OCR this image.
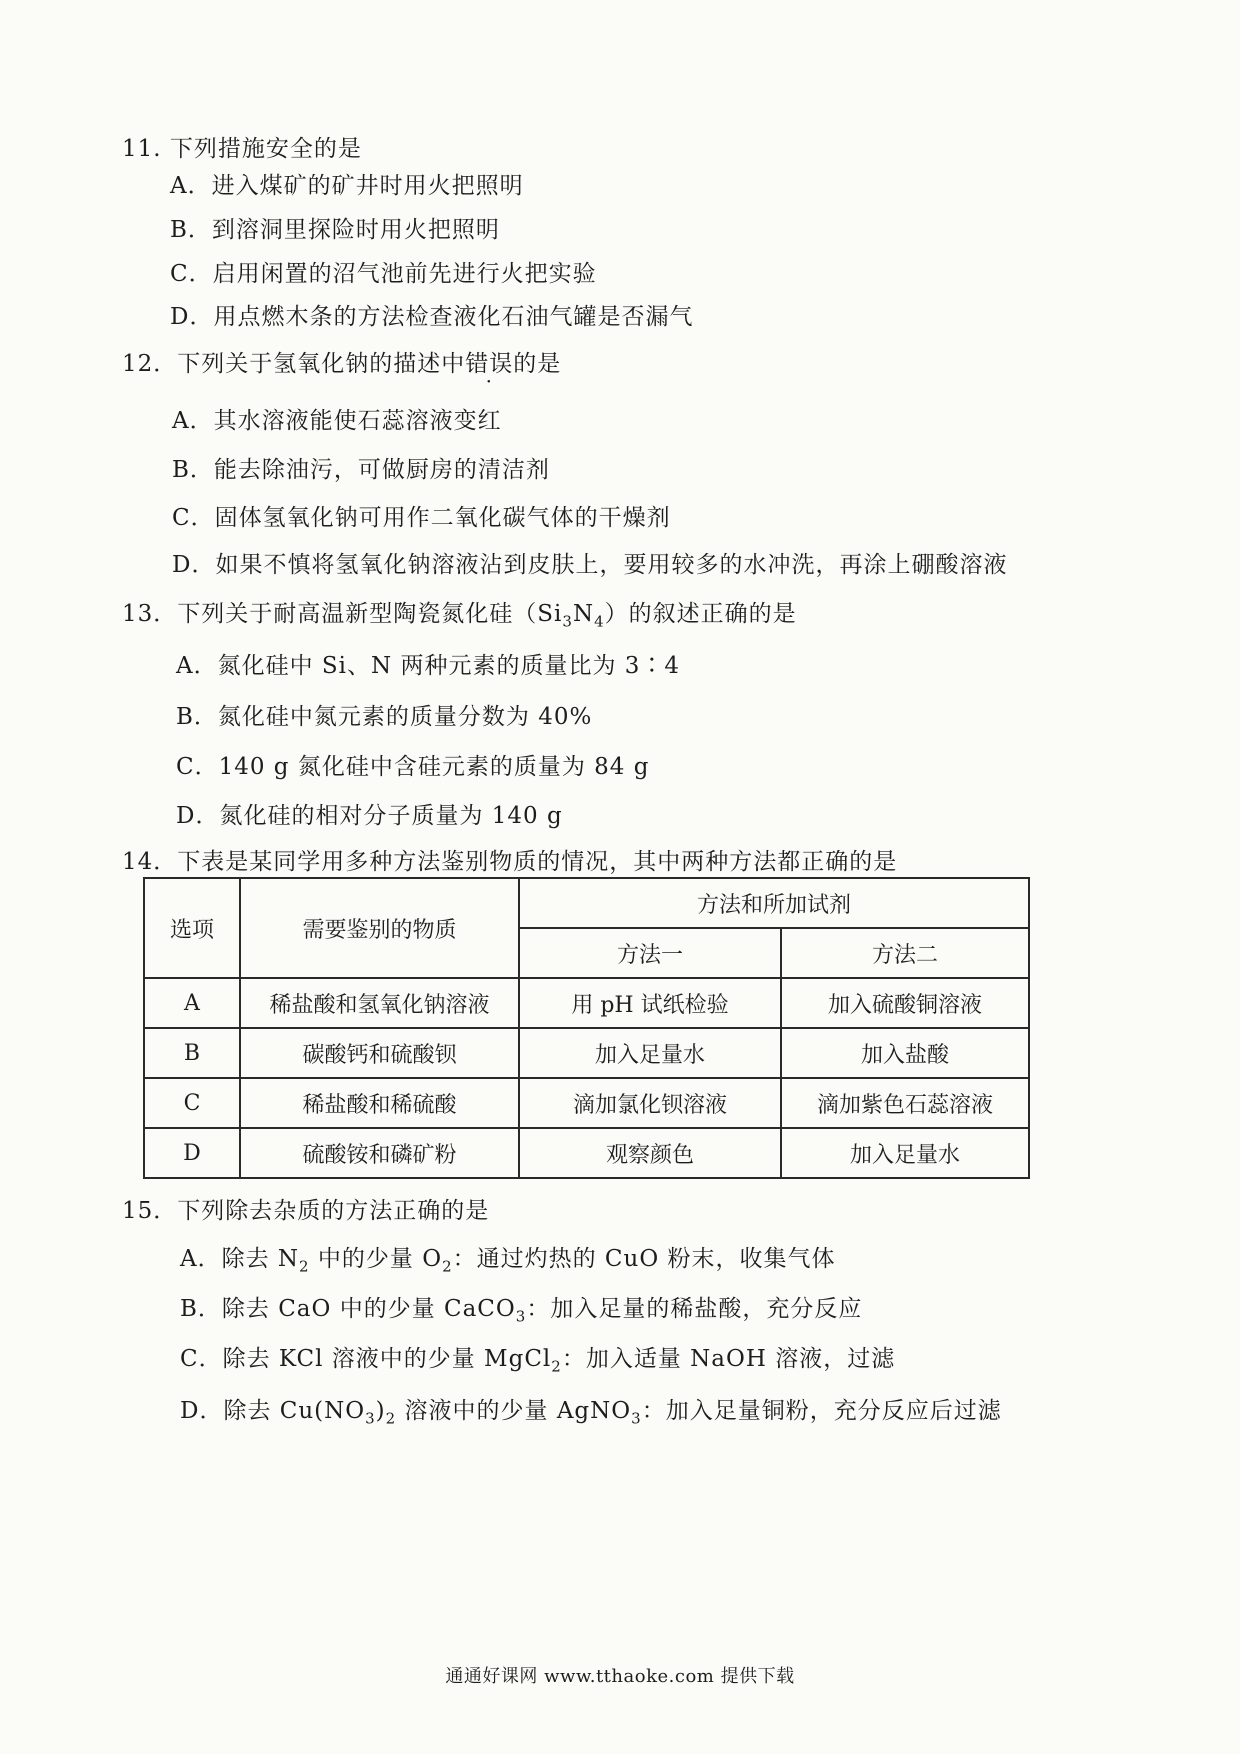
11. 下列措施安全的是
A．进入煤矿的矿井时用火把照明
B．到溶洞里探险时用火把照明
C．启用闲置的沼气池前先进行火把实验
D．用点燃木条的方法检查液化石油气罐是否漏气
12．下列关于氢氧化钠的描述中错误的是
A．其水溶液能使石蕊溶液变红
B．能去除油污，可做厨房的清洁剂
C．固体氢氧化钠可用作二氧化碳气体的干燥剂
D．如果不慎将氢氧化钠溶液沾到皮肤上，要用较多的水冲洗，再涂上硼酸溶液
13．下列关于耐高温新型陶瓷氮化硅$(Si_3N_4)$的叙述正确的是
A．氮化硅中 Si、N 两种元素的质量比为 3∶4
B．氮化硅中氮元素的质量分数为 40%
C．140 g 氮化硅中含硅元素的质量为 84 g
D．氮化硅的相对分子质量为 140 g
14．下表是某同学用多种方法鉴别物质的情况，其中两种方法都正确的是
选项	需要鉴别的物质	方法和所加试剂	
		方法一	方法二
A	稀盐酸和氢氧化钠溶液	用 pH 试纸检验	加入硫酸铜溶液
B	碳酸钙和硫酸钡	加入足量水	加入盐酸
C	稀盐酸和稀硫酸	滴加氯化钡溶液	滴加紫色石蕊溶液
D	硫酸铵和磷矿粉	观察颜色	加入足量水
15．下列除去杂质的方法正确的是
A．除去 $N_2$ 中的少量 $O_2$：通过灼热的 CuO 粉末，收集气体
B．除去 CaO 中的少量 CaCO$_3$：加入足量的稀盐酸，充分反应
C．除去 KCl 溶液中的少量 MgCl$_2$：加入适量 NaOH 溶液，过滤
D．除去 $Cu(NO_3)_2$ 溶液中的少量 AgNO$_3$：加入足量铜粉，充分反应后过滤
通通好课网 www.tthaoke.com 提供下载
